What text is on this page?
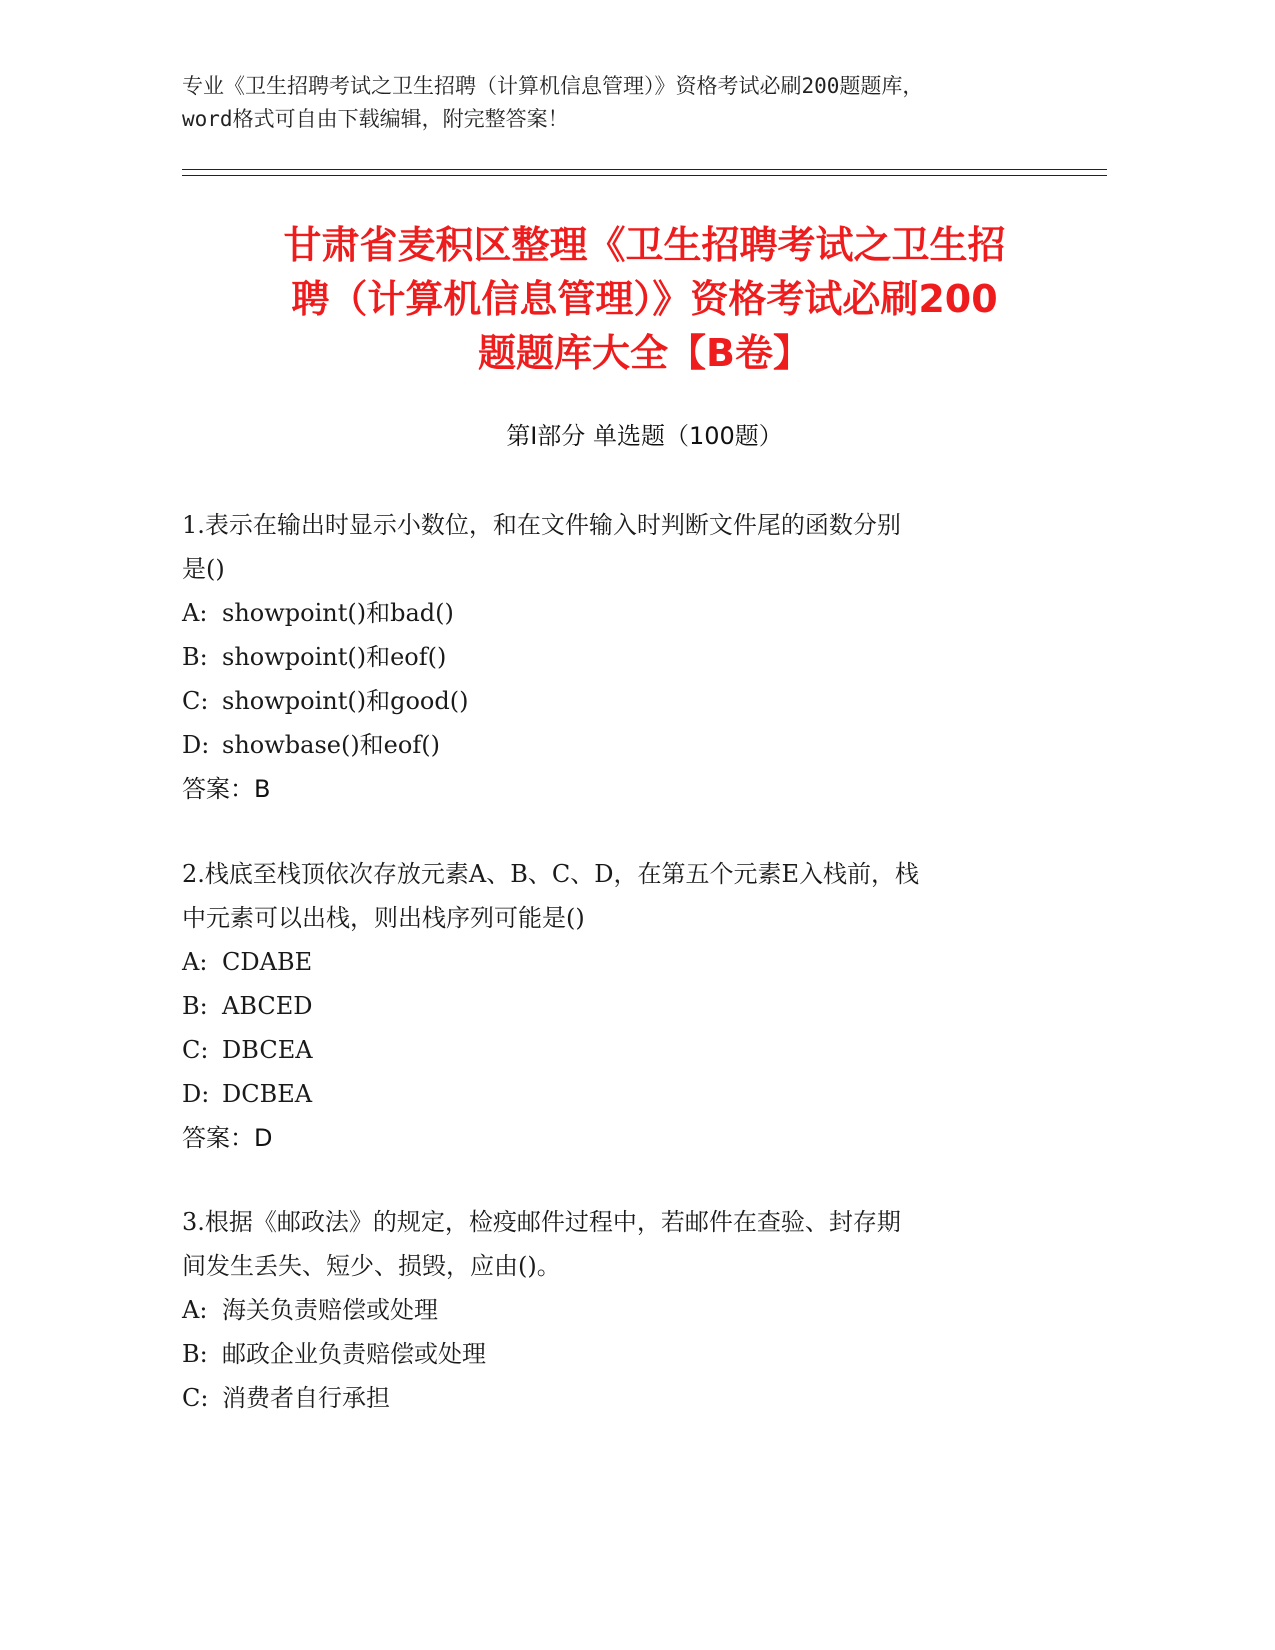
专业《卫生招聘考试之卫生招聘（计算机信息管理）》资格考试必刷200题题库，
word格式可自由下载编辑，附完整答案！
甘肃省麦积区整理《卫生招聘考试之卫生招
聘（计算机信息管理）》资格考试必刷200
题题库大全【B卷】
第I部分 单选题（100题）
1.表示在输出时显示小数位，和在文件输入时判断文件尾的函数分别
是()
A: showpoint()和bad()
B: showpoint()和eof()
C: showpoint()和good()
D: showbase()和eof()
答案：B
2.栈底至栈顶依次存放元素A、B、C、D，在第五个元素E入栈前，栈
中元素可以出栈，则出栈序列可能是()
A: CDABE
B: ABCED
C: DBCEA
D: DCBEA
答案：D
3.根据《邮政法》的规定，检疫邮件过程中，若邮件在查验、封存期
间发生丢失、短少、损毁，应由()。
A: 海关负责赔偿或处理
B: 邮政企业负责赔偿或处理
C: 消费者自行承担
